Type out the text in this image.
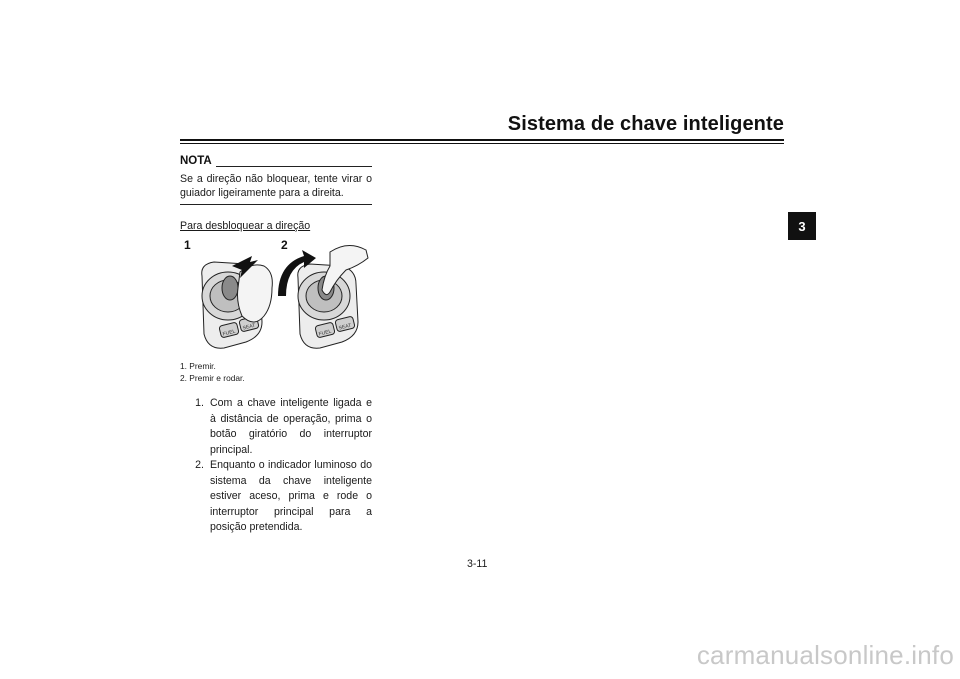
Sistema de chave inteligente
3
NOTA
Se a direção não bloquear, tente virar o guiador ligeiramente para a direita.
Para desbloquear a direção
1	2
FUEL
SEAT
FUEL
SEAT
1. Premir.
2. Premir e rodar.
1. Com a chave inteligente ligada e à distância de operação, prima o botão giratório do interruptor principal.
2. Enquanto o indicador luminoso do sistema da chave inteligente estiver aceso, prima e rode o interruptor principal para a posição pretendida.
3-11
carmanualsonline.info
